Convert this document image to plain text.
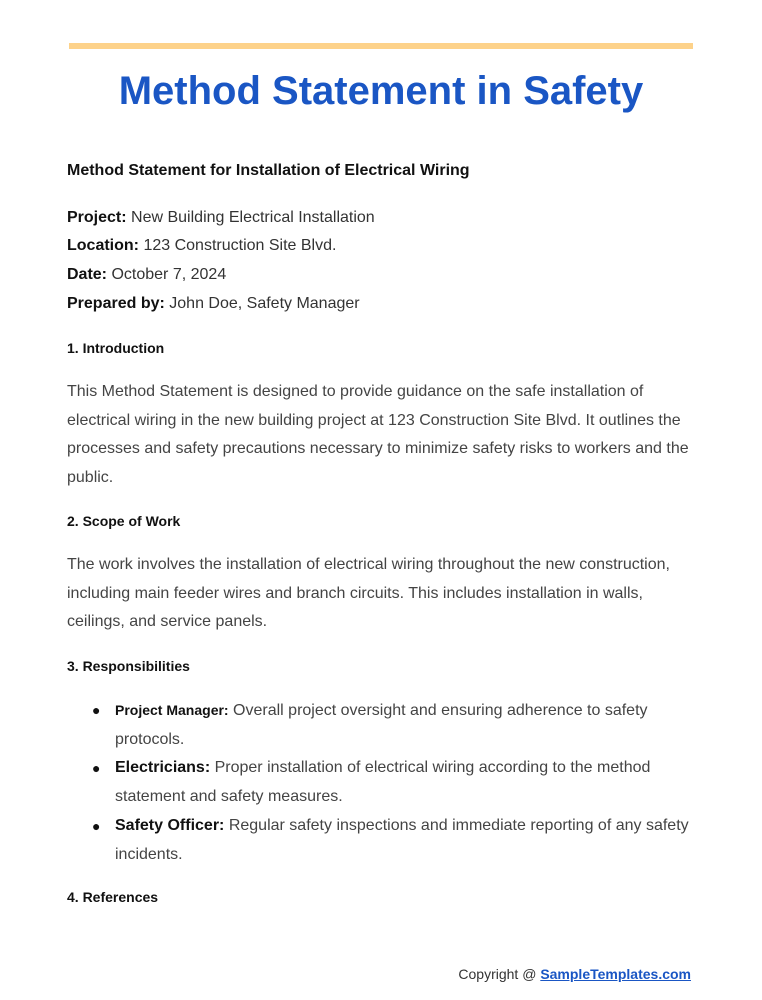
Method Statement in Safety
Method Statement for Installation of Electrical Wiring
Project: New Building Electrical Installation
Location: 123 Construction Site Blvd.
Date: October 7, 2024
Prepared by: John Doe, Safety Manager
1. Introduction

This Method Statement is designed to provide guidance on the safe installation of electrical wiring in the new building project at 123 Construction Site Blvd. It outlines the processes and safety precautions necessary to minimize safety risks to workers and the public.

2. Scope of Work

The work involves the installation of electrical wiring throughout the new construction, including main feeder wires and branch circuits. This includes installation in walls, ceilings, and service panels.

3. Responsibilities
● Project Manager: Overall project oversight and ensuring adherence to safety protocols.
● Electricians: Proper installation of electrical wiring according to the method statement and safety measures.
● Safety Officer: Regular safety inspections and immediate reporting of any safety incidents.
4. References
Copyright @ SampleTemplates.com
